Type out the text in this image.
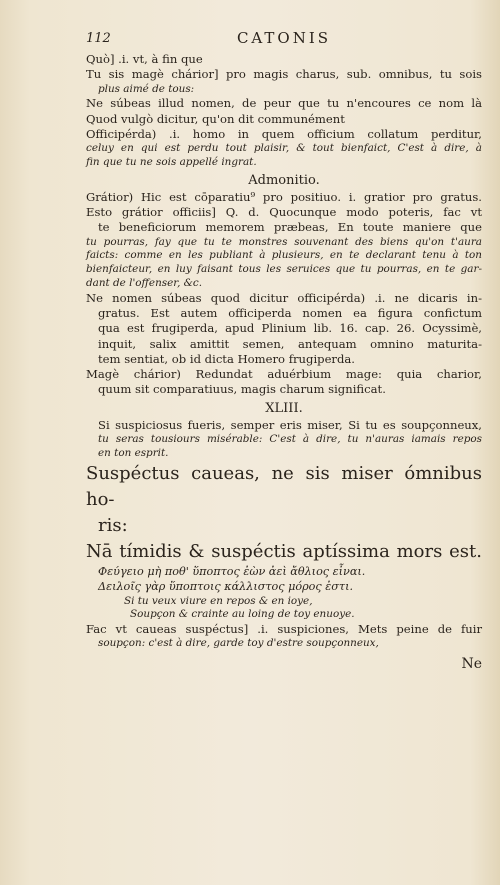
112	CATONIS

Quò] .i. vt, à fin que

Tu sis magè chárior] pro magis charus, sub. omnibus, tu sois

plus aimé de tous:

Ne súbeas illud nomen, de peur que tu n'encoures ce nom là

Quod vulgò dicitur, qu'on dit communément

Officipérda) .i. homo in quem officium collatum perditur,

celuy en qui est perdu tout plaisir, & tout bienfaict, C'est à dire, à

fin que tu ne sois appellé ingrat.

Admonitio.

Grátior) Hic est cōparatiu⁹ pro positiuo. i. gratior pro gratus.

Esto grátior officiis] Q. d. Quocunque modo poteris, fac vt

te beneficiorum memorem præbeas, En toute maniere que

tu pourras, fay que tu te monstres souvenant des biens qu'on t'aura

faicts: comme en les publiant à plusieurs, en te declarant tenu à ton

bienfaicteur, en luy faisant tous les seruices que tu pourras, en te gar-

dant de l'offenser, &c.

Ne nomen súbeas quod dicitur officipérda) .i. ne dicaris in-

gratus. Est autem officiperda nomen ea figura confictum

qua est frugiperda, apud Plinium lib. 16. cap. 26. Ocyssimè,

inquit, salix amittit semen, antequam omnino maturita-

tem sentiat, ob id dicta Homero frugiperda.

Magè chárior) Redundat aduérbium mage: quia charior,

quum sit comparatiuus, magis charum significat.

XLIII.

Si suspiciosus fueris, semper eris miser, Si tu es soupçonneux,

tu seras tousiours misérable: C'est à dire, tu n'auras iamais repos

en ton esprit.

Suspéctus caueas, ne sis miser ómnibus ho-

ris:

Nā tímidis & suspéctis aptíssima mors est.

Φεύγειο μὴ ποθ' ὕποπτος ἐὼν ἀεὶ ἄθλιος εἶναι.

Δειλοῖς γὰρ ὕποπτοις κάλλιστος μόρος ἐστι.

Si tu veux viure en repos & en ioye,

Soupçon & crainte au loing de toy enuoye.

Fac vt caueas suspéctus] .i. suspiciones, Mets peine de fuir

soupçon: c'est à dire, garde toy d'estre soupçonneux,

Ne
